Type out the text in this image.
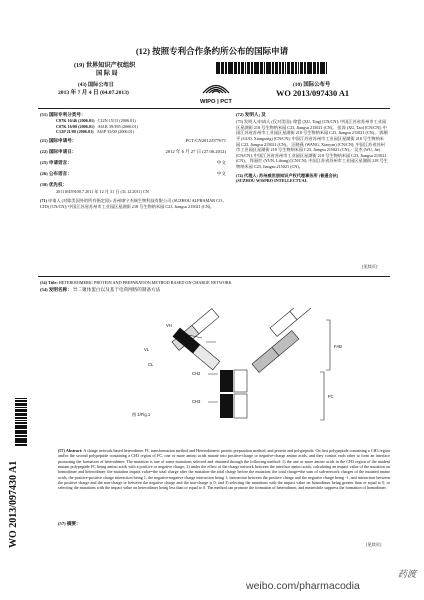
(12) 按照专利合作条约所公布的国际申请
(19) 世界知识产权组织
国 际 局
(43) 国际公布日
2013 年 7 月 4 日 (04.07.2013)
WIPO | PCT
(10) 国际公布号
WO 2013/097430 A1
(51) 国际专利分类号：
C07K 16/46 (2006.01) C12N 15/13 (2006.01)
C07K 16/00 (2006.01) A61K 39/395 (2006.01)
C12P 21/08 (2006.01) A61P 35/00 (2006.01)
(21) 国际申请号：	PCT/CN2012/077671
(22) 国际申请日：	2012 年 6 月 27 日 (27.06.2012)
(25) 申请语言：	中文
(26) 公布语言：	中文
(30) 优先权：
201110459100.7 2011 年 12 月 31 日 (31.12.2011) CN
(71) 申请人 (对除美国外的所有指定国): 苏州康宁杰瑞生物科技有限公司 (SUZHOU ALPHAMAB CO., LTD) [CN/CN]; 中国江苏省苏州市工业园区星湖街 218 号生物纳米园 C23, Jiangsu 215021 (CN)。
(72) 发明人; 及
(75) 发明人/申请人 (仅对美国): 徐霆 (XU, Ting) [CN/CN]; 中国江苏省苏州市工业园区星湖街 218 号生物纳米园 C23, Jiangsu 215021 (CN)。 张涛 (XU, Tao) [CN/CN]; 中国江苏省苏州市工业园区星湖街 218 号生物纳米园 C23, Jiangsu 215021 (CN)。 郭顺平 (GUO, Xiangxing) [CN/CN]; 中国江苏省苏州市工业园区星湖街 218 号生物纳米园 C23, Jiangsu 215021 (CN)。 汪晓燕 (WANG, Xiaoyan) [CN/CN]; 中国江苏省苏州市工业园区星湖街 218 号生物纳米园 C23, Jiangsu 215021 (CN)。 吴杰 (WU, Jie) [CN/CN]; 中国江苏省苏州市工业园区星湖街 218 号生物纳米园 C23, Jiangsu 215021 (CN)。 恽丽红 (YUN, Lihong) [CN/CN]; 中国江苏省苏州市工业园区星湖街 218 号生物纳米园 C23, Jiangsu 215021 (CN)。
(74) 代理人: 苏州威世朋知识产权代理事务所 (普通合伙)
(SUZHOU WISPRO INTELLECTUAL
[见续页]
(54) Title: HETERODIMERIC PROTEIN AND PREPARATION METHOD BASED ON CHARGE NETWORK
(54) 发明名称： 异二聚体蛋白以及基于电荷网络的制备方法
VH
CH1
VL
CL
CH2
CH3
FAB
FC
图 1/Fig.1
(57) Abstract: A charge network based heterodimer FC transformation method and Heterodimeric protein preparation method, and protein and polypeptide. On first polypeptide containing a CH3 region and/or the second polypeptide containing a CH3 region of FC, one or more amino acids mutate into positive-charge or negative-charge amino acids, and they contact each other to form an interface promoting the formation of heterodimer. The mutation is one of some mutations selected and obtained through the following method: 1) the one or more amino acids in the CH3 region of the madent mutant polypeptide FC being amino acids with a positive or negative charge; 2) under the effect of the charge network between the interface amino acids, calculating an impact value of the mutation on homodimer and heterodimer: the mutation impact value=the total charge after the mutation-the total charge before the mutation; the total charge=the sum of sub-network charges of the mutated amino acids, the positive-positive charge interaction being 1, the negative-negative charge interaction being 1, interaction between the positive charge and the negative charge being -1, and interaction between the positive charge and the non-charge or between the negative charge and the non-charge is 0; and 3) selecting the mutations with the impact value on homodimer being greater than or equal to 0, or selecting the mutations with the impact value on heterodimer being less than or equal to 0. The method can promote the formation of heterodimer, and meanwhile suppress the formation of homodimer.
(57) 摘要：
[见续页]
WO 2013/097430 A1
药渡
weibo.com/pharmacodia
